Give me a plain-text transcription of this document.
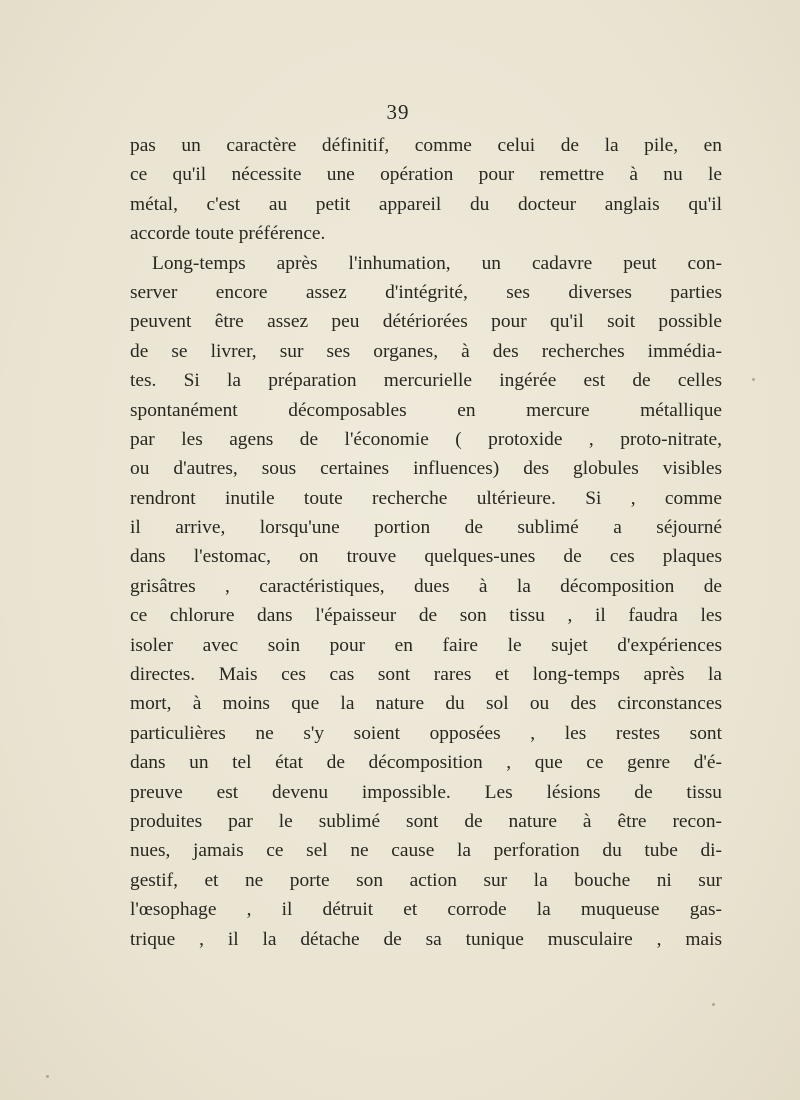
39
pas un caractère définitif, comme celui de la pile, en
ce qu'il nécessite une opération pour remettre à nu le
métal, c'est au petit appareil du docteur anglais qu'il
accorde toute préférence.
Long-temps après l'inhumation, un cadavre peut con-
server encore assez d'intégrité, ses diverses parties
peuvent être assez peu détériorées pour qu'il soit possible
de se livrer, sur ses organes, à des recherches immédia-
tes. Si la préparation mercurielle ingérée est de celles
spontanément décomposables en mercure métallique
par les agens de l'économie ( protoxide , proto-nitrate,
ou d'autres, sous certaines influences) des globules visibles
rendront inutile toute recherche ultérieure. Si , comme
il arrive, lorsqu'une portion de sublimé a séjourné
dans l'estomac, on trouve quelques-unes de ces plaques
grisâtres , caractéristiques, dues à la décomposition de
ce chlorure dans l'épaisseur de son tissu , il faudra les
isoler avec soin pour en faire le sujet d'expériences
directes. Mais ces cas sont rares et long-temps après la
mort, à moins que la nature du sol ou des circonstances
particulières ne s'y soient opposées , les restes sont
dans un tel état de décomposition , que ce genre d'é-
preuve est devenu impossible. Les lésions de tissu
produites par le sublimé sont de nature à être recon-
nues, jamais ce sel ne cause la perforation du tube di-
gestif, et ne porte son action sur la bouche ni sur
l'œsophage , il détruit et corrode la muqueuse gas-
trique , il la détache de sa tunique musculaire , mais
